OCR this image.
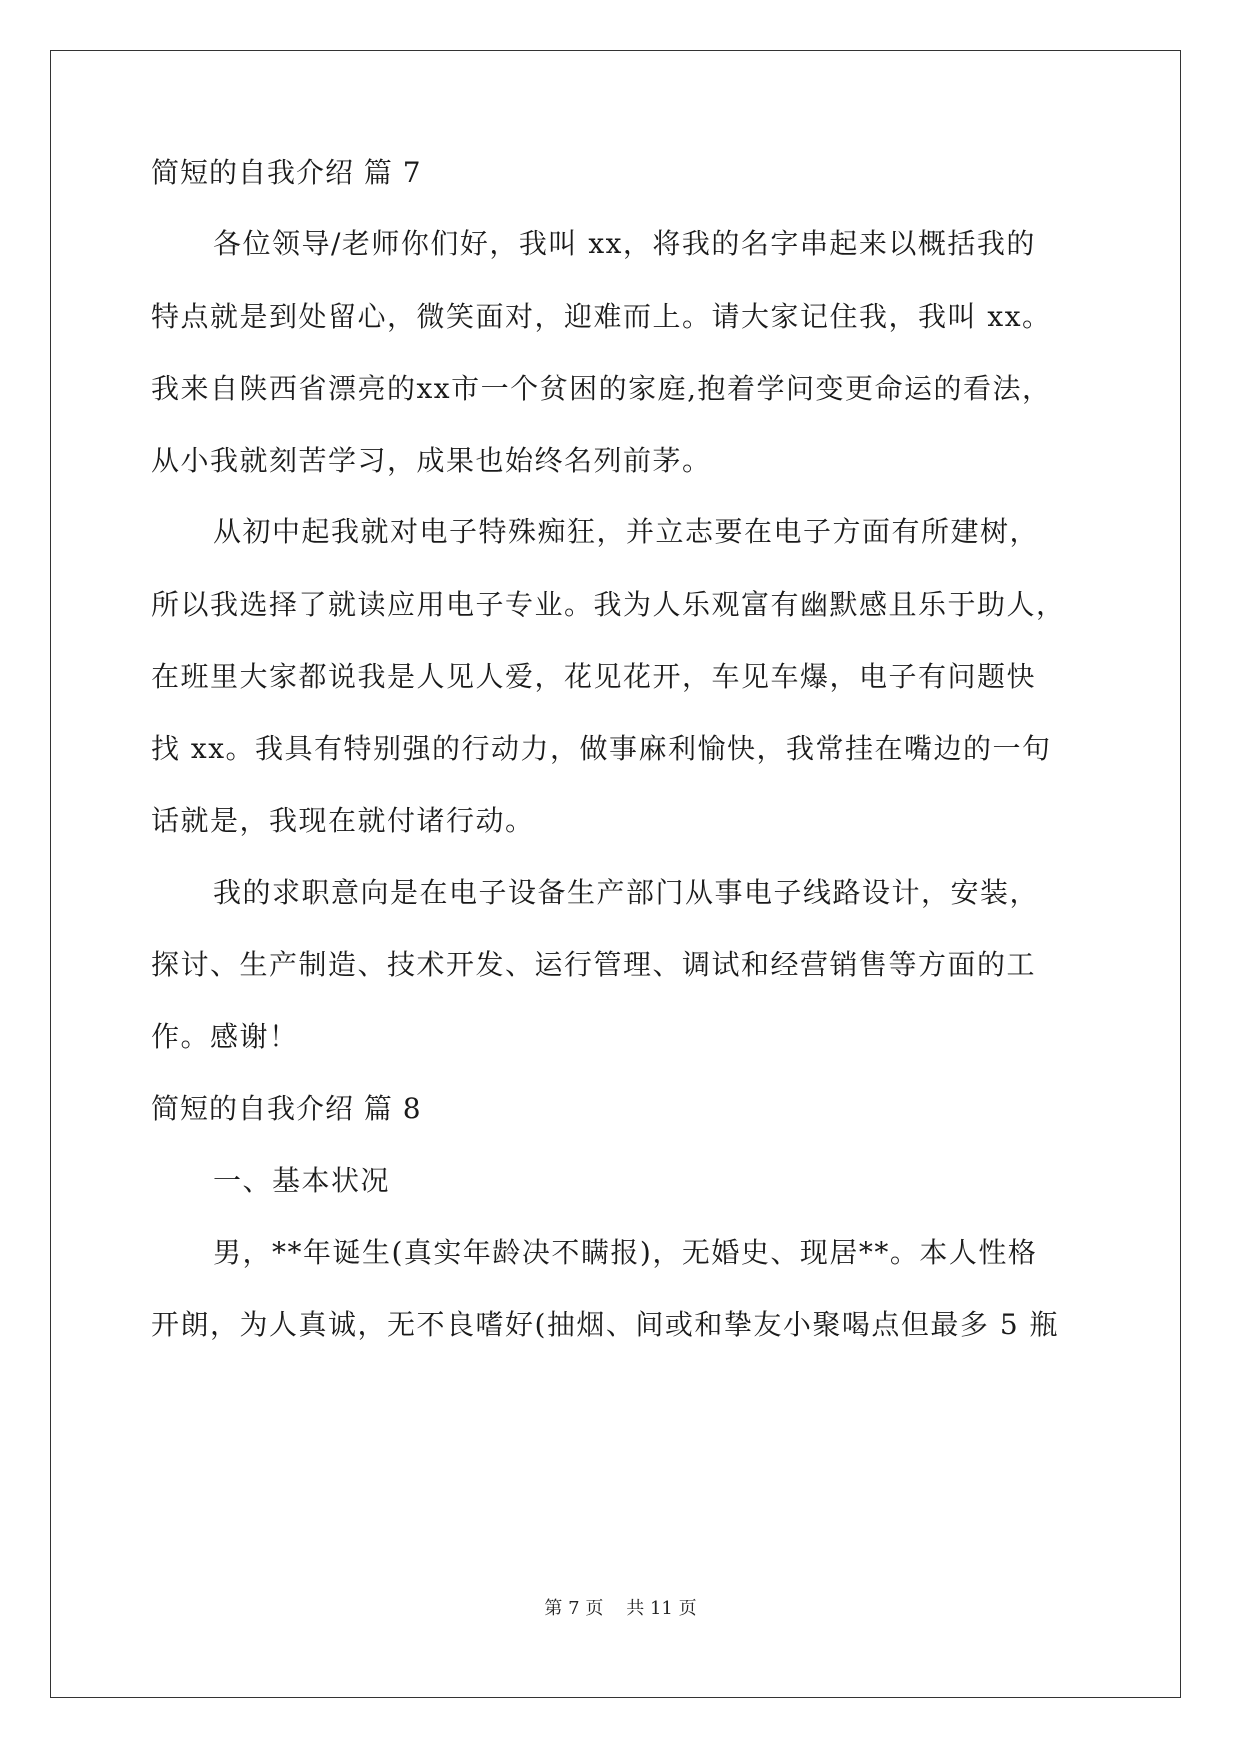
简短的自我介绍 篇 7
各位领导/老师你们好，我叫 xx，将我的名字串起来以概括我的
特点就是到处留心，微笑面对，迎难而上。请大家记住我，我叫 xx。
我来自陕西省漂亮的xx市一个贫困的家庭,抱着学问变更命运的看法，
从小我就刻苦学习，成果也始终名列前茅。
从初中起我就对电子特殊痴狂，并立志要在电子方面有所建树，
所以我选择了就读应用电子专业。我为人乐观富有幽默感且乐于助人，
在班里大家都说我是人见人爱，花见花开，车见车爆，电子有问题快
找 xx。我具有特别强的行动力，做事麻利愉快，我常挂在嘴边的一句
话就是，我现在就付诸行动。
我的求职意向是在电子设备生产部门从事电子线路设计，安装，
探讨、生产制造、技术开发、运行管理、调试和经营销售等方面的工
作。感谢！
简短的自我介绍 篇 8
一、基本状况
男，**年诞生(真实年龄决不瞒报)，无婚史、现居**。本人性格
开朗，为人真诚，无不良嗜好(抽烟、间或和挚友小聚喝点但最多 5 瓶
第 7 页 共 11 页
